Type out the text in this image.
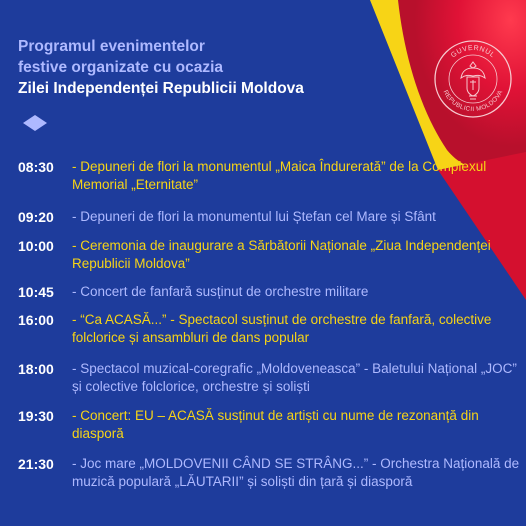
Programul evenimentelor
festive organizate cu ocazia
Zilei Independenței Republicii Moldova
GUVERNUL
REPUBLICII MOLDOVA
08:30	- Depuneri de flori la monumentul „Maica Îndurerată” de la Complexul Memorial „Eternitate”
09:20	- Depuneri de flori la monumentul lui Ștefan cel Mare și Sfânt
10:00	- Ceremonia de inaugurare a Sărbătorii Naționale „Ziua Independenței Republicii Moldova”
10:45	- Concert de fanfară susținut de orchestre militare
16:00	- “Ca ACASĂ...” - Spectacol susținut de orchestre de fanfară, colective folclorice și ansambluri de dans popular
18:00	- Spectacol muzical-coregrafic „Moldoveneasca” - Baletului Național „JOC” și colective folclorice, orchestre și soliști
19:30	- Concert: EU – ACASĂ susținut de artiști cu nume de rezonanță din diasporă
21:30	- Joc mare „MOLDOVENII CÂND SE STRÂNG...” - Orchestra Națională de muzică populară „LĂUTARII” și soliști din țară și diasporă
